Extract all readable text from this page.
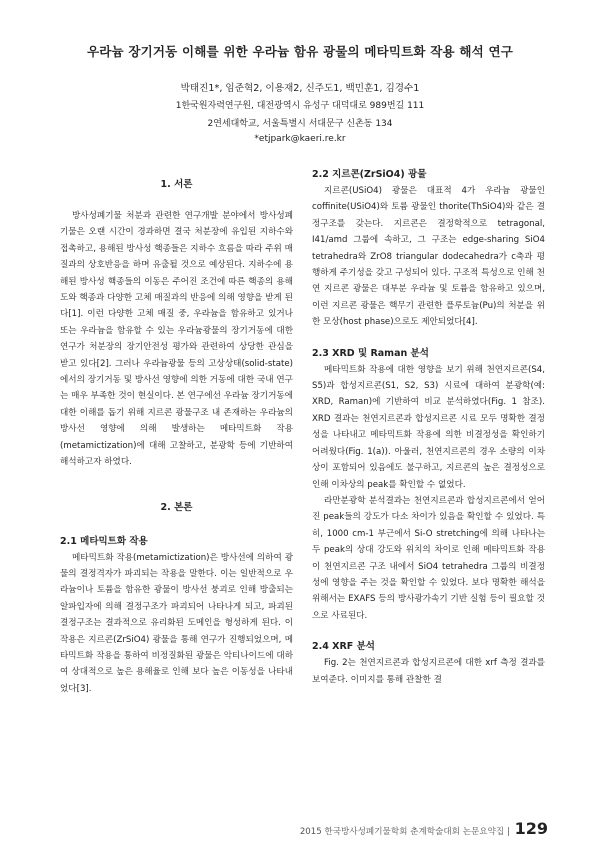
우라늄 장기거동 이해를 위한 우라늄 함유 광물의 메타믹트화 작용 해석 연구
박태진1*, 임준혁2, 이용재2, 신주도1, 백민훈1, 김경수1
1한국원자력연구원, 대전광역시 유성구 대덕대로 989번길 111
2연세대학교, 서울특별시 서대문구 신촌동 134
*etjpark@kaeri.re.kr
1. 서론

방사성폐기물 처분과 관련한 연구개발 분야에서 방사성폐기물은 오랜 시간이 경과하면 결국 처분장에 유입된 지하수와 접촉하고, 용해된 방사성 핵종들은 지하수 흐름을 따라 주위 매질과의 상호반응을 하며 유출될 것으로 예상된다. 지하수에 용해된 방사성 핵종들의 이동은 주어진 조건에 따른 핵종의 용해도와 핵종과 다양한 고체 매질과의 반응에 의해 영향을 받게 된다[1]. 이런 다양한 고체 매질 중, 우라늄을 함유하고 있거나 또는 우라늄을 함유할 수 있는 우라늄광물의 장기거동에 대한 연구가 처분장의 장기안전성 평가와 관련하여 상당한 관심을 받고 있다[2]. 그러나 우라늄광물 등의 고상상태(solid-state)에서의 장기거동 및 방사선 영향에 의한 거동에 대한 국내 연구는 매우 부족한 것이 현실이다. 본 연구에선 우라늄 장기거동에 대한 이해를 돕기 위해 지르콘 광물구조 내 존재하는 우라늄의 방사선 영향에 의해 발생하는 메타믹트화 작용(metamictization)에 대해 고찰하고, 분광학 등에 기반하여 해석하고자 하였다.

2. 본론
2.1 메타믹트화 작용

메타믹트화 작용(metamictization)은 방사선에 의하여 광물의 결정격자가 파괴되는 작용을 말한다. 이는 일반적으로 우라늄이나 토륨을 함유한 광물이 방사선 붕괴로 인해 방출되는 알파입자에 의해 결정구조가 파괴되어 나타나게 되고, 파괴된 결정구조는 결과적으로 유리화된 도메인을 형성하게 된다. 이 작용은 지르콘(ZrSiO4) 광물을 통해 연구가 진행되었으며, 메타믹트화 작용을 통하여 비정질화된 광물은 악티나이드에 대하여 상대적으로 높은 용해율로 인해 보다 높은 이동성을 나타내었다[3].

2.2 지르콘(ZrSiO4) 광물

지르콘(USiO4) 광물은 대표적 4가 우라늄 광물인 coffinite(USiO4)와 토륨 광물인 thorite(ThSiO4)와 같은 결정구조를 갖는다. 지르콘은 결정학적으로 tetragonal, I41/amd 그룹에 속하고, 그 구조는 edge-sharing SiO4 tetrahedra와 ZrO8 triangular dodecahedra가 c축과 평행하게 주기성을 갖고 구성되어 있다. 구조적 특성으로 인해 천연 지르콘 광물은 대부분 우라늄 및 토륨을 함유하고 있으며, 이런 지르콘 광물은 핵무기 관련한 플루토늄(Pu)의 처분을 위한 모상(host phase)으로도 제안되었다[4].

2.3 XRD 및 Raman 분석

메타믹트화 작용에 대한 영향을 보기 위해 천연지르콘(S4, S5)과 합성지르콘(S1, S2, S3) 시료에 대하여 분광학(예: XRD, Raman)에 기반하여 비교 분석하였다(Fig. 1 참조). XRD 결과는 천연지르콘과 합성지르콘 시료 모두 명확한 결정성을 나타내고 메타믹트화 작용에 의한 비결정성을 확인하기 어려웠다(Fig. 1(a)). 아울러, 천연지르콘의 경우 소량의 이차상이 포함되어 있음에도 불구하고, 지르콘의 높은 결정성으로 인해 이차상의 peak를 확인할 수 없었다.

라만분광학 분석결과는 천연지르콘과 합성지르콘에서 얻어진 peak들의 강도가 다소 차이가 있음을 확인할 수 있었다. 특히, 1000 cm-1 부근에서 Si-O stretching에 의해 나타나는 두 peak의 상대 강도와 위치의 차이로 인해 메타믹트화 작용이 천연지르콘 구조 내에서 SiO4 tetrahedra 그룹의 비결정성에 영향을 주는 것을 확인할 수 있었다. 보다 명확한 해석을 위해서는 EXAFS 등의 방사광가속기 기반 실험 등이 필요할 것으로 사료된다.

2.4 XRF 분석

Fig. 2는 천연지르콘과 합성지르콘에 대한 xrf 측정 결과를 보여준다. 이미지를 통해 관찰한 결

2015 한국방사성폐기물학회 춘계학술대회 논문요약집 | 129
